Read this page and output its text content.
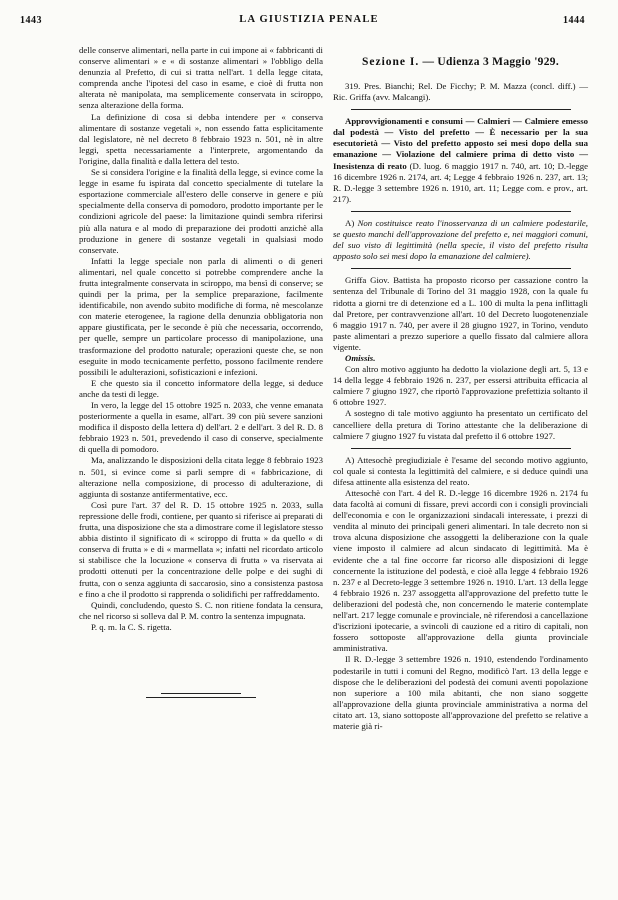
1443	LA GIUSTIZIA PENALE	1444

delle conserve alimentari, nella parte in cui impone ai « fabbricanti di conserve alimentari » e « di sostanze alimentari » l'obbligo della denunzia al Prefetto, di cui si tratta nell'art. 1 della legge citata, comprenda anche l'ipotesi del caso in esame, e cioè di frutta non alterata nè manipolata, ma semplicemente conservata in sciroppo, senza alterazione della forma.

La definizione di cosa si debba intendere per « conserva alimentare di sostanze vegetali », non essendo fatta esplicitamente dal legislatore, nè nel decreto 8 febbraio 1923 n. 501, nè in altre leggi, spetta necessariamente a l'interprete, argomentando da l'origine, dalla finalità e dalla lettera del testo.

Se si considera l'origine e la finalità della legge, si evince come la legge in esame fu ispirata dal concetto specialmente di tutelare la esportazione commerciale all'estero delle conserve in genere e più specialmente della conserva di pomodoro, prodotto importante per le condizioni agricole del paese: la limitazione quindi sembra riferirsi più alla natura e al modo di preparazione dei prodotti anzichè alla produzione in genere di sostanze vegetali in qualsiasi modo conservate.

Infatti la legge speciale non parla di alimenti o di generi alimentari, nel quale concetto si potrebbe comprendere anche la frutta integralmente conservata in sciroppo, ma bensì di conserve; se quindi per la prima, per la semplice preparazione, facilmente identificabile, non avendo subito modifiche di forma, nè mescolanze con materie eterogenee, la ragione della denunzia obbligatoria non appare giustificata, per le seconde è più che necessaria, occorrendo, per quelle, sempre un particolare processo di manipolazione, una trasformazione del prodotto naturale; operazioni queste che, se non eseguite in modo tecnicamente perfetto, possono facilmente rendere possibili le adulterazioni, sofisticazioni e infezioni.

E che questo sia il concetto informatore della legge, si deduce anche da testi di legge.

In vero, la legge del 15 ottobre 1925 n. 2033, che venne emanata posteriormente a quella in esame, all'art. 39 con più severe sanzioni modifica il disposto della lettera d) dell'art. 2 e dell'art. 3 del R. D. 8 febbraio 1923 n. 501, prevedendo il caso di conserve, specialmente di quella di pomodoro.

Ma, analizzando le disposizioni della citata legge 8 febbraio 1923 n. 501, si evince come si parli sempre di « fabbricazione, di alterazione nella composizione, di processo di adulterazione, di aggiunta di sostanze antifermentative, ecc.

Così pure l'art. 37 del R. D. 15 ottobre 1925 n. 2033, sulla repressione delle frodi, contiene, per quanto si riferisce ai preparati di frutta, una disposizione che sta a dimostrare come il legislatore stesso abbia distinto il significato di « sciroppo di frutta » da quello « di conserva di frutta » e di « marmellata »; infatti nel ricordato articolo si stabilisce che la locuzione « conserva di frutta » va riservata ai prodotti ottenuti per la concentrazione delle polpe e dei sughi di frutta, con o senza aggiunta di saccarosio, sino a consistenza pastosa e fino a che il prodotto si rapprenda o solidifichi per raffreddamento.

Quindi, concludendo, questo S. C. non ritiene fondata la censura, che nel ricorso si solleva dal P. M. contro la sentenza impugnata.

P. q. m. la C. S. rigetta.

Sezione I. — Udienza 3 Maggio '929.

319. Pres. Bianchi; Rel. De Ficchy; P. M. Mazza (concl. diff.) — Ric. Griffa (avv. Malcangi).

Approvvigionamenti e consumi — Calmieri — Calmiere emesso dal podestà — Visto del prefetto — È necessario per la sua esecutorietà — Visto del prefetto apposto sei mesi dopo della sua emanazione — Violazione del calmiere prima di detto visto — Inesistenza di reato (D. luog. 6 maggio 1917 n. 740, art. 10; D.-legge 16 dicembre 1926 n. 2174, art. 4; Legge 4 febbraio 1926 n. 237, art. 13; R. D.-legge 3 settembre 1926 n. 1910, art. 11; Legge com. e prov., art. 217).

A) Non costituisce reato l'inosservanza di un calmiere podestarile, se questo manchi dell'approvazione del prefetto e, nei maggiori comuni, del suo visto di legittimità (nella specie, il visto del prefetto risulta apposto solo sei mesi dopo la emanazione del calmiere).

Griffa Giov. Battista ha proposto ricorso per cassazione contro la sentenza del Tribunale di Torino del 31 maggio 1928, con la quale fu ridotta a giorni tre di detenzione ed a L. 100 di multa la pena inflittagli dal Pretore, per contravvenzione all'art. 10 del Decreto luogotenenziale 6 maggio 1917 n. 740, per avere il 28 giugno 1927, in Torino, venduto paste alimentari a prezzo superiore a quello fissato dal calmiere allora vigente.

Omissis.

Con altro motivo aggiunto ha dedotto la violazione degli art. 5, 13 e 14 della legge 4 febbraio 1926 n. 237, per essersi attribuita efficacia al calmiere 7 giugno 1927, che riportò l'approvazione prefettizia soltanto il 6 ottobre 1927.

A sostegno di tale motivo aggiunto ha presentato un certificato del cancelliere della pretura di Torino attestante che la deliberazione di calmiere 7 giugno 1927 fu vistata dal prefetto il 6 ottobre 1927.

A) Attesochè pregiudiziale è l'esame del secondo motivo aggiunto, col quale si contesta la legittimità del calmiere, e si deduce quindi una difesa attinente alla esistenza del reato.

Attesochè con l'art. 4 del R. D.-legge 16 dicembre 1926 n. 2174 fu data facoltà ai comuni di fissare, previ accordi con i consigli provinciali dell'economia e con le organizzazioni sindacali interessate, i prezzi di vendita al minuto dei principali generi alimentari. In tale decreto non si trova alcuna disposizione che assoggetti la deliberazione con la quale viene imposto il calmiere ad alcun sindacato di legittimità. Ma è evidente che a tal fine occorre far ricorso alle disposizioni di legge concernente la istituzione del podestà, e cioè alla legge 4 febbraio 1926 n. 237 e al Decreto-legge 3 settembre 1926 n. 1910. L'art. 13 della legge 4 febbraio 1926 n. 237 assoggetta all'approvazione del prefetto tutte le deliberazioni del podestà che, non concernendo le materie contemplate nell'art. 217 legge comunale e provinciale, nè riferendosi a cancellazione d'iscrizioni ipotecarie, a svincoli di cauzione ed a ritiro di capitali, non fossero sottoposte all'approvazione della giunta provinciale amministrativa.

Il R. D.-legge 3 settembre 1926 n. 1910, estendendo l'ordinamento podestarile in tutti i comuni del Regno, modificò l'art. 13 della legge e dispose che le deliberazioni del podestà dei comuni aventi popolazione non superiore a 100 mila abitanti, che non siano soggette all'approvazione della giunta provinciale amministrativa a norma del citato art. 13, siano sottoposte all'approvazione del prefetto se relative a materie già ri-
